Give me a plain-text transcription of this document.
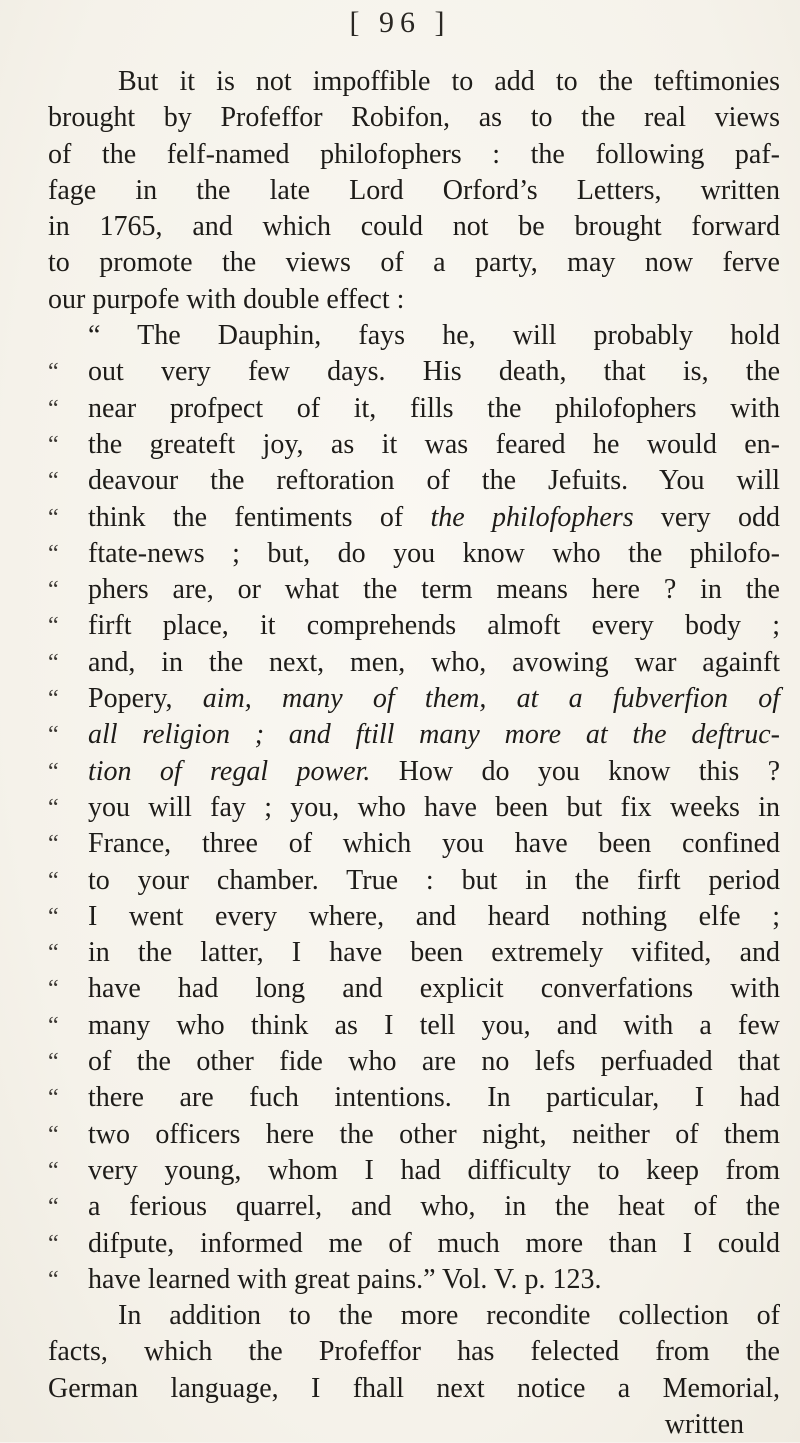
[ 96 ]
But it is not impoffible to add to the teftimonies
brought by Profeffor Robifon, as to the real views
of the felf-named philofophers : the following paf-
fage in the late Lord Orford’s Letters, written
in 1765, and which could not be brought forward
to promote the views of a party, may now ferve
our purpofe with double effect :
“ The Dauphin, fays he, will probably hold
“	out very few days. His death, that is, the
“	near profpect of it, fills the philofophers with
“	the greateft joy, as it was feared he would en-
“	deavour the reftoration of the Jefuits. You will
“	think the fentiments of the philofophers very odd
“	ftate-news ; but, do you know who the philofo-
“	phers are, or what the term means here ? in the
“	firft place, it comprehends almoft every body ;
“	and, in the next, men, who, avowing war againft
“	Popery, aim, many of them, at a fubverfion of
“	all religion ; and ftill many more at the deftruc-
“	tion of regal power. How do you know this ?
“	you will fay ; you, who have been but fix weeks in
“	France, three of which you have been confined
“	to your chamber. True : but in the firft period
“	I went every where, and heard nothing elfe ;
“	in the latter, I have been extremely vifited, and
“	have had long and explicit converfations with
“	many who think as I tell you, and with a few
“	of the other fide who are no lefs perfuaded that
“	there are fuch intentions. In particular, I had
“	two officers here the other night, neither of them
“	very young, whom I had difficulty to keep from
“	a ferious quarrel, and who, in the heat of the
“	difpute, informed me of much more than I could
“	have learned with great pains.” Vol. V. p. 123.
In addition to the more recondite collection of
facts, which the Profeffor has felected from the
German language, I fhall next notice a Memorial,
written
